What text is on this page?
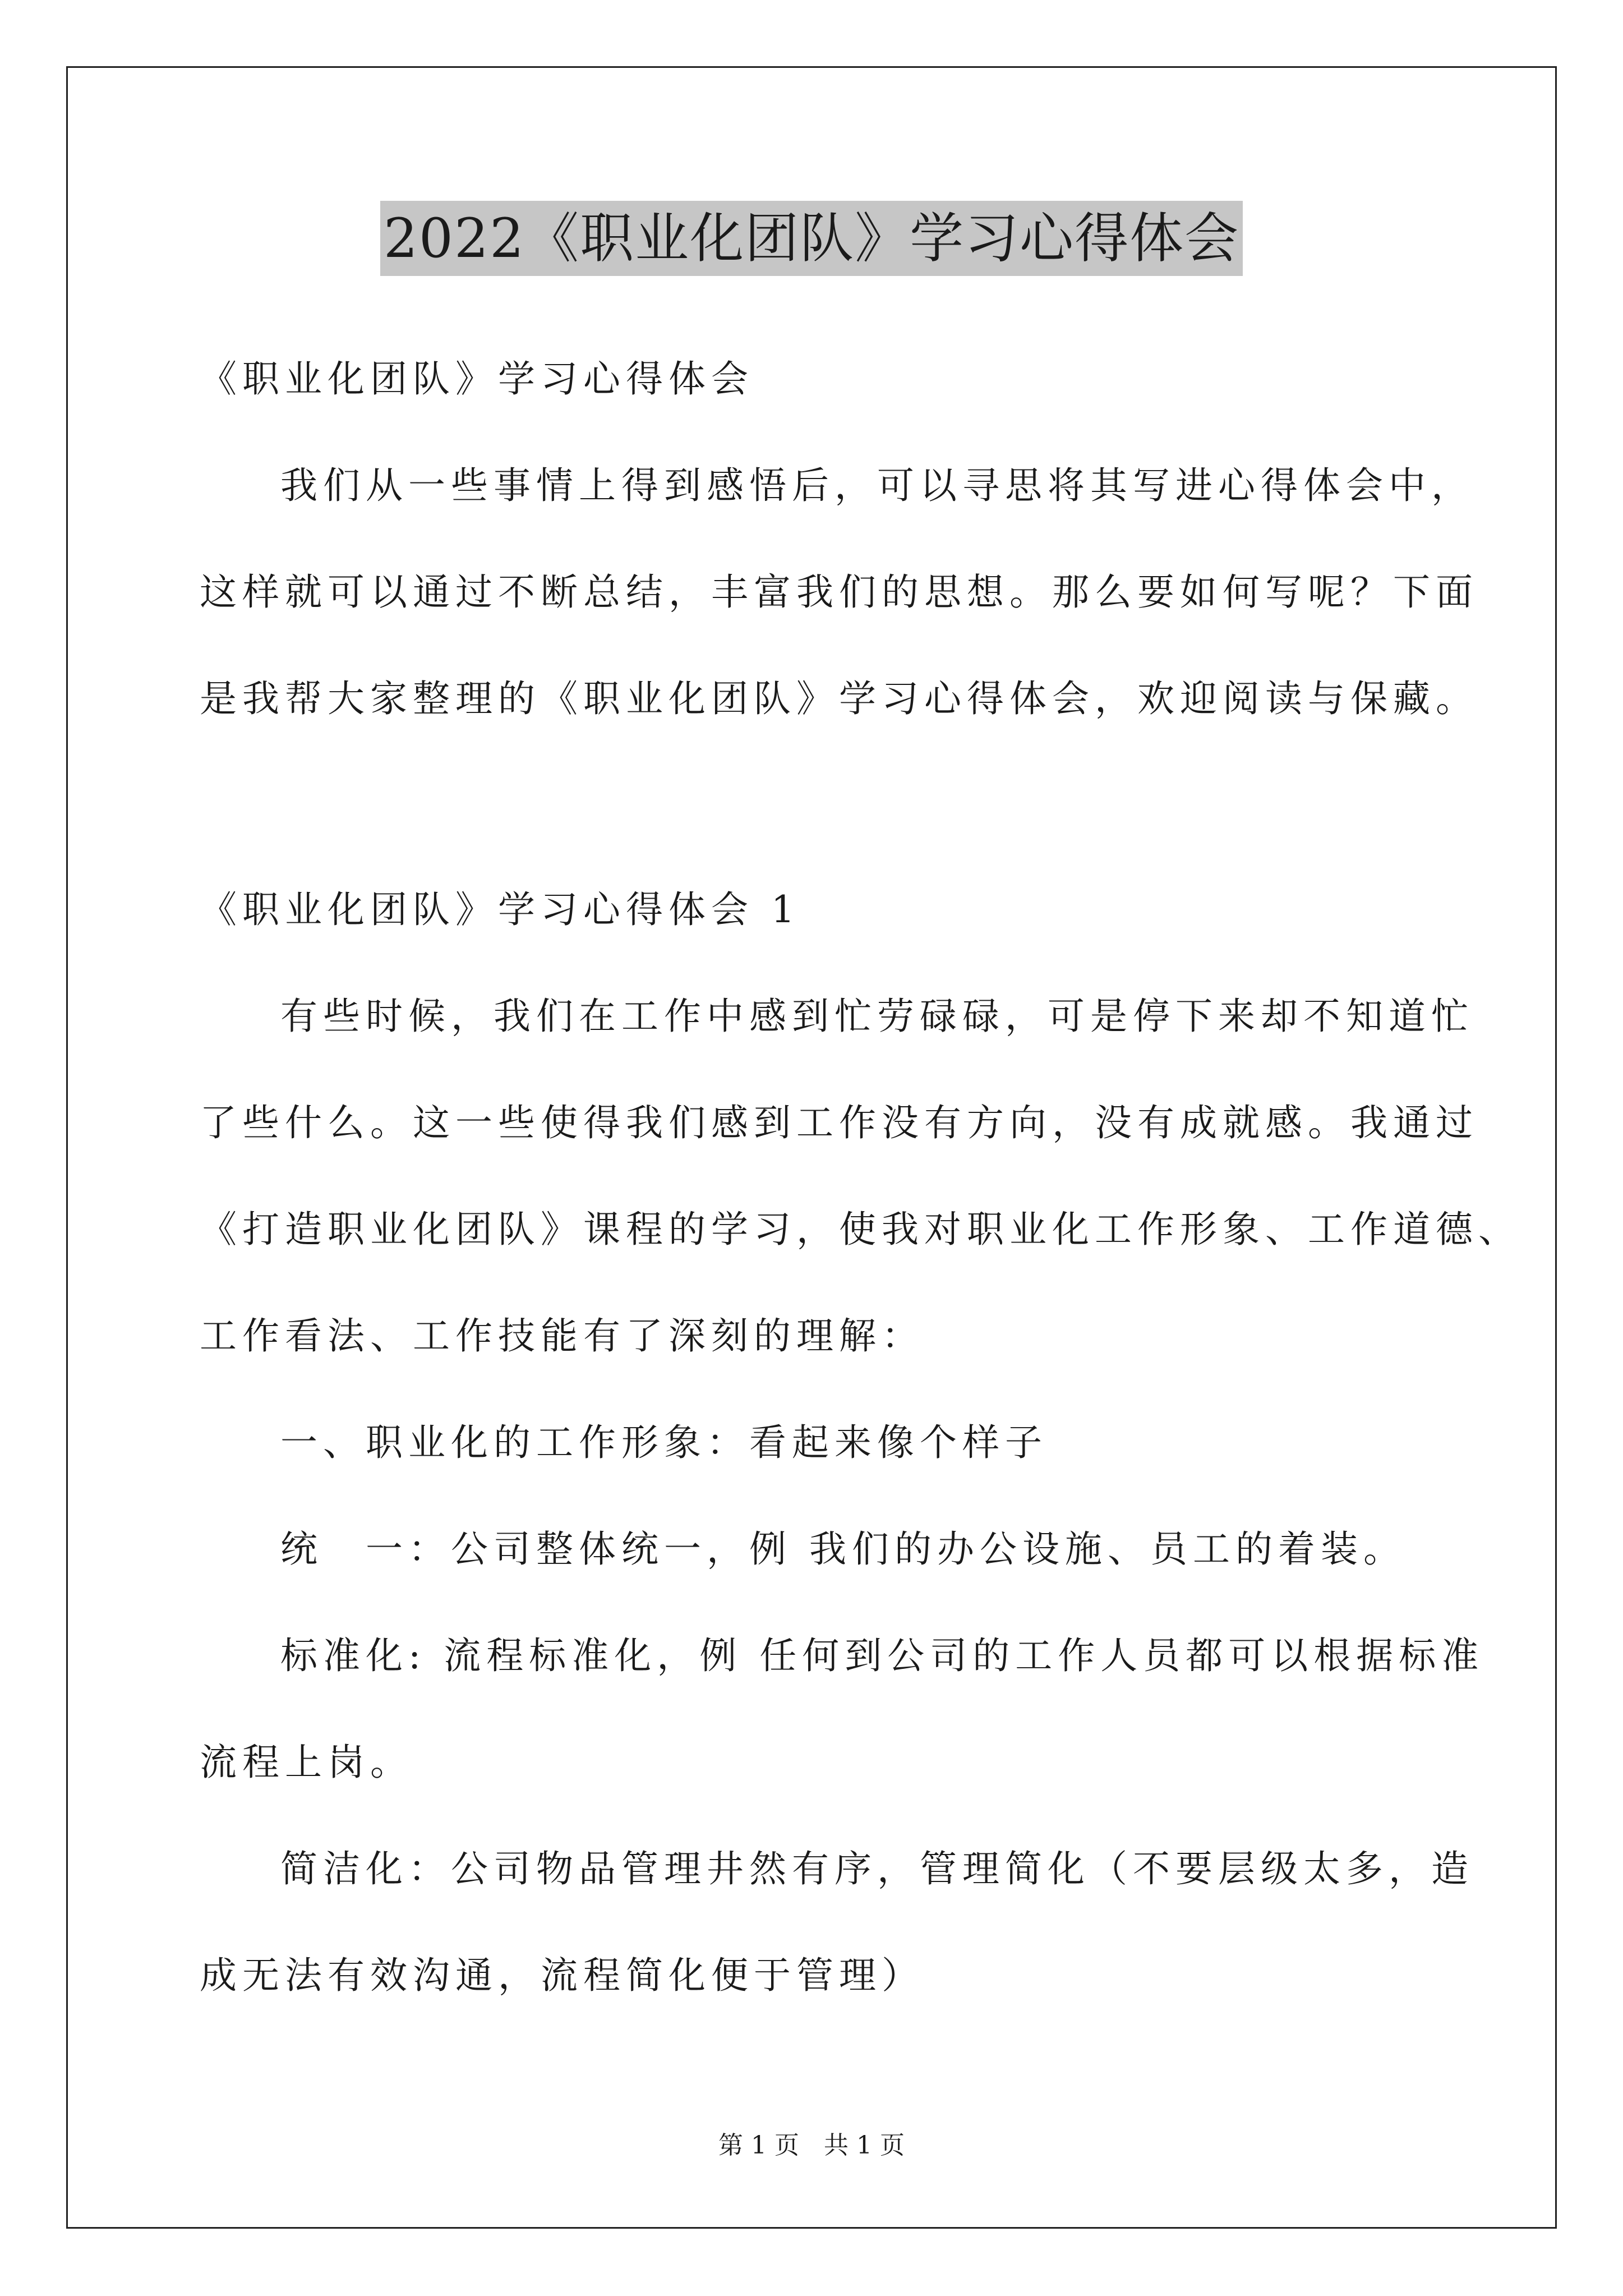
2022《职业化团队》学习心得体会
《职业化团队》学习心得体会
我们从一些事情上得到感悟后，可以寻思将其写进心得体会中，
这样就可以通过不断总结，丰富我们的思想。那么要如何写呢？下面
是我帮大家整理的《职业化团队》学习心得体会，欢迎阅读与保藏。
《职业化团队》学习心得体会 1
有些时候，我们在工作中感到忙劳碌碌，可是停下来却不知道忙
了些什么。这一些使得我们感到工作没有方向，没有成就感。我通过
《打造职业化团队》课程的学习，使我对职业化工作形象、工作道德、
工作看法、工作技能有了深刻的理解：
一、职业化的工作形象：看起来像个样子
统　一：公司整体统一，例 我们的办公设施、员工的着装。
标准化: 流程标准化，例 任何到公司的工作人员都可以根据标准
流程上岗。
简洁化：公司物品管理井然有序，管理简化（不要层级太多，造
成无法有效沟通，流程简化便于管理）
第 1 页　共 1 页
